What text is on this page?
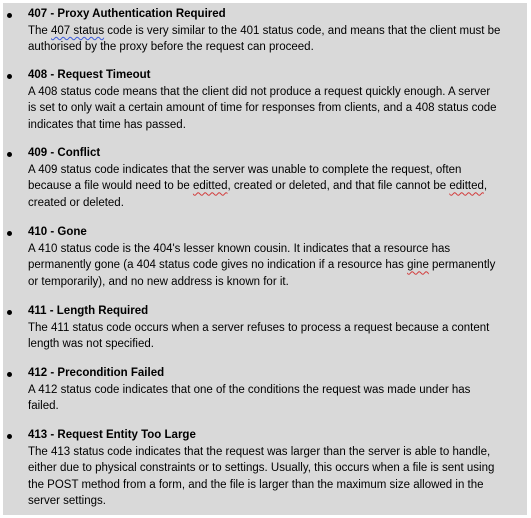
407 - Proxy Authentication Required

The 407 status code is very similar to the 401 status code, and means that the client must be
authorised by the proxy before the request can proceed.

408 - Request Timeout

A 408 status code means that the client did not produce a request quickly enough. A server
is set to only wait a certain amount of time for responses from clients, and a 408 status code
indicates that time has passed.

409 - Conflict

A 409 status code indicates that the server was unable to complete the request, often
because a file would need to be editted, created or deleted, and that file cannot be editted,
created or deleted.

410 - Gone

A 410 status code is the 404's lesser known cousin. It indicates that a resource has
permanently gone (a 404 status code gives no indication if a resource has gine permanently
or temporarily), and no new address is known for it.

411 - Length Required

The 411 status code occurs when a server refuses to process a request because a content
length was not specified.

412 - Precondition Failed

A 412 status code indicates that one of the conditions the request was made under has
failed.

413 - Request Entity Too Large

The 413 status code indicates that the request was larger than the server is able to handle,
either due to physical constraints or to settings. Usually, this occurs when a file is sent using
the POST method from a form, and the file is larger than the maximum size allowed in the
server settings.
